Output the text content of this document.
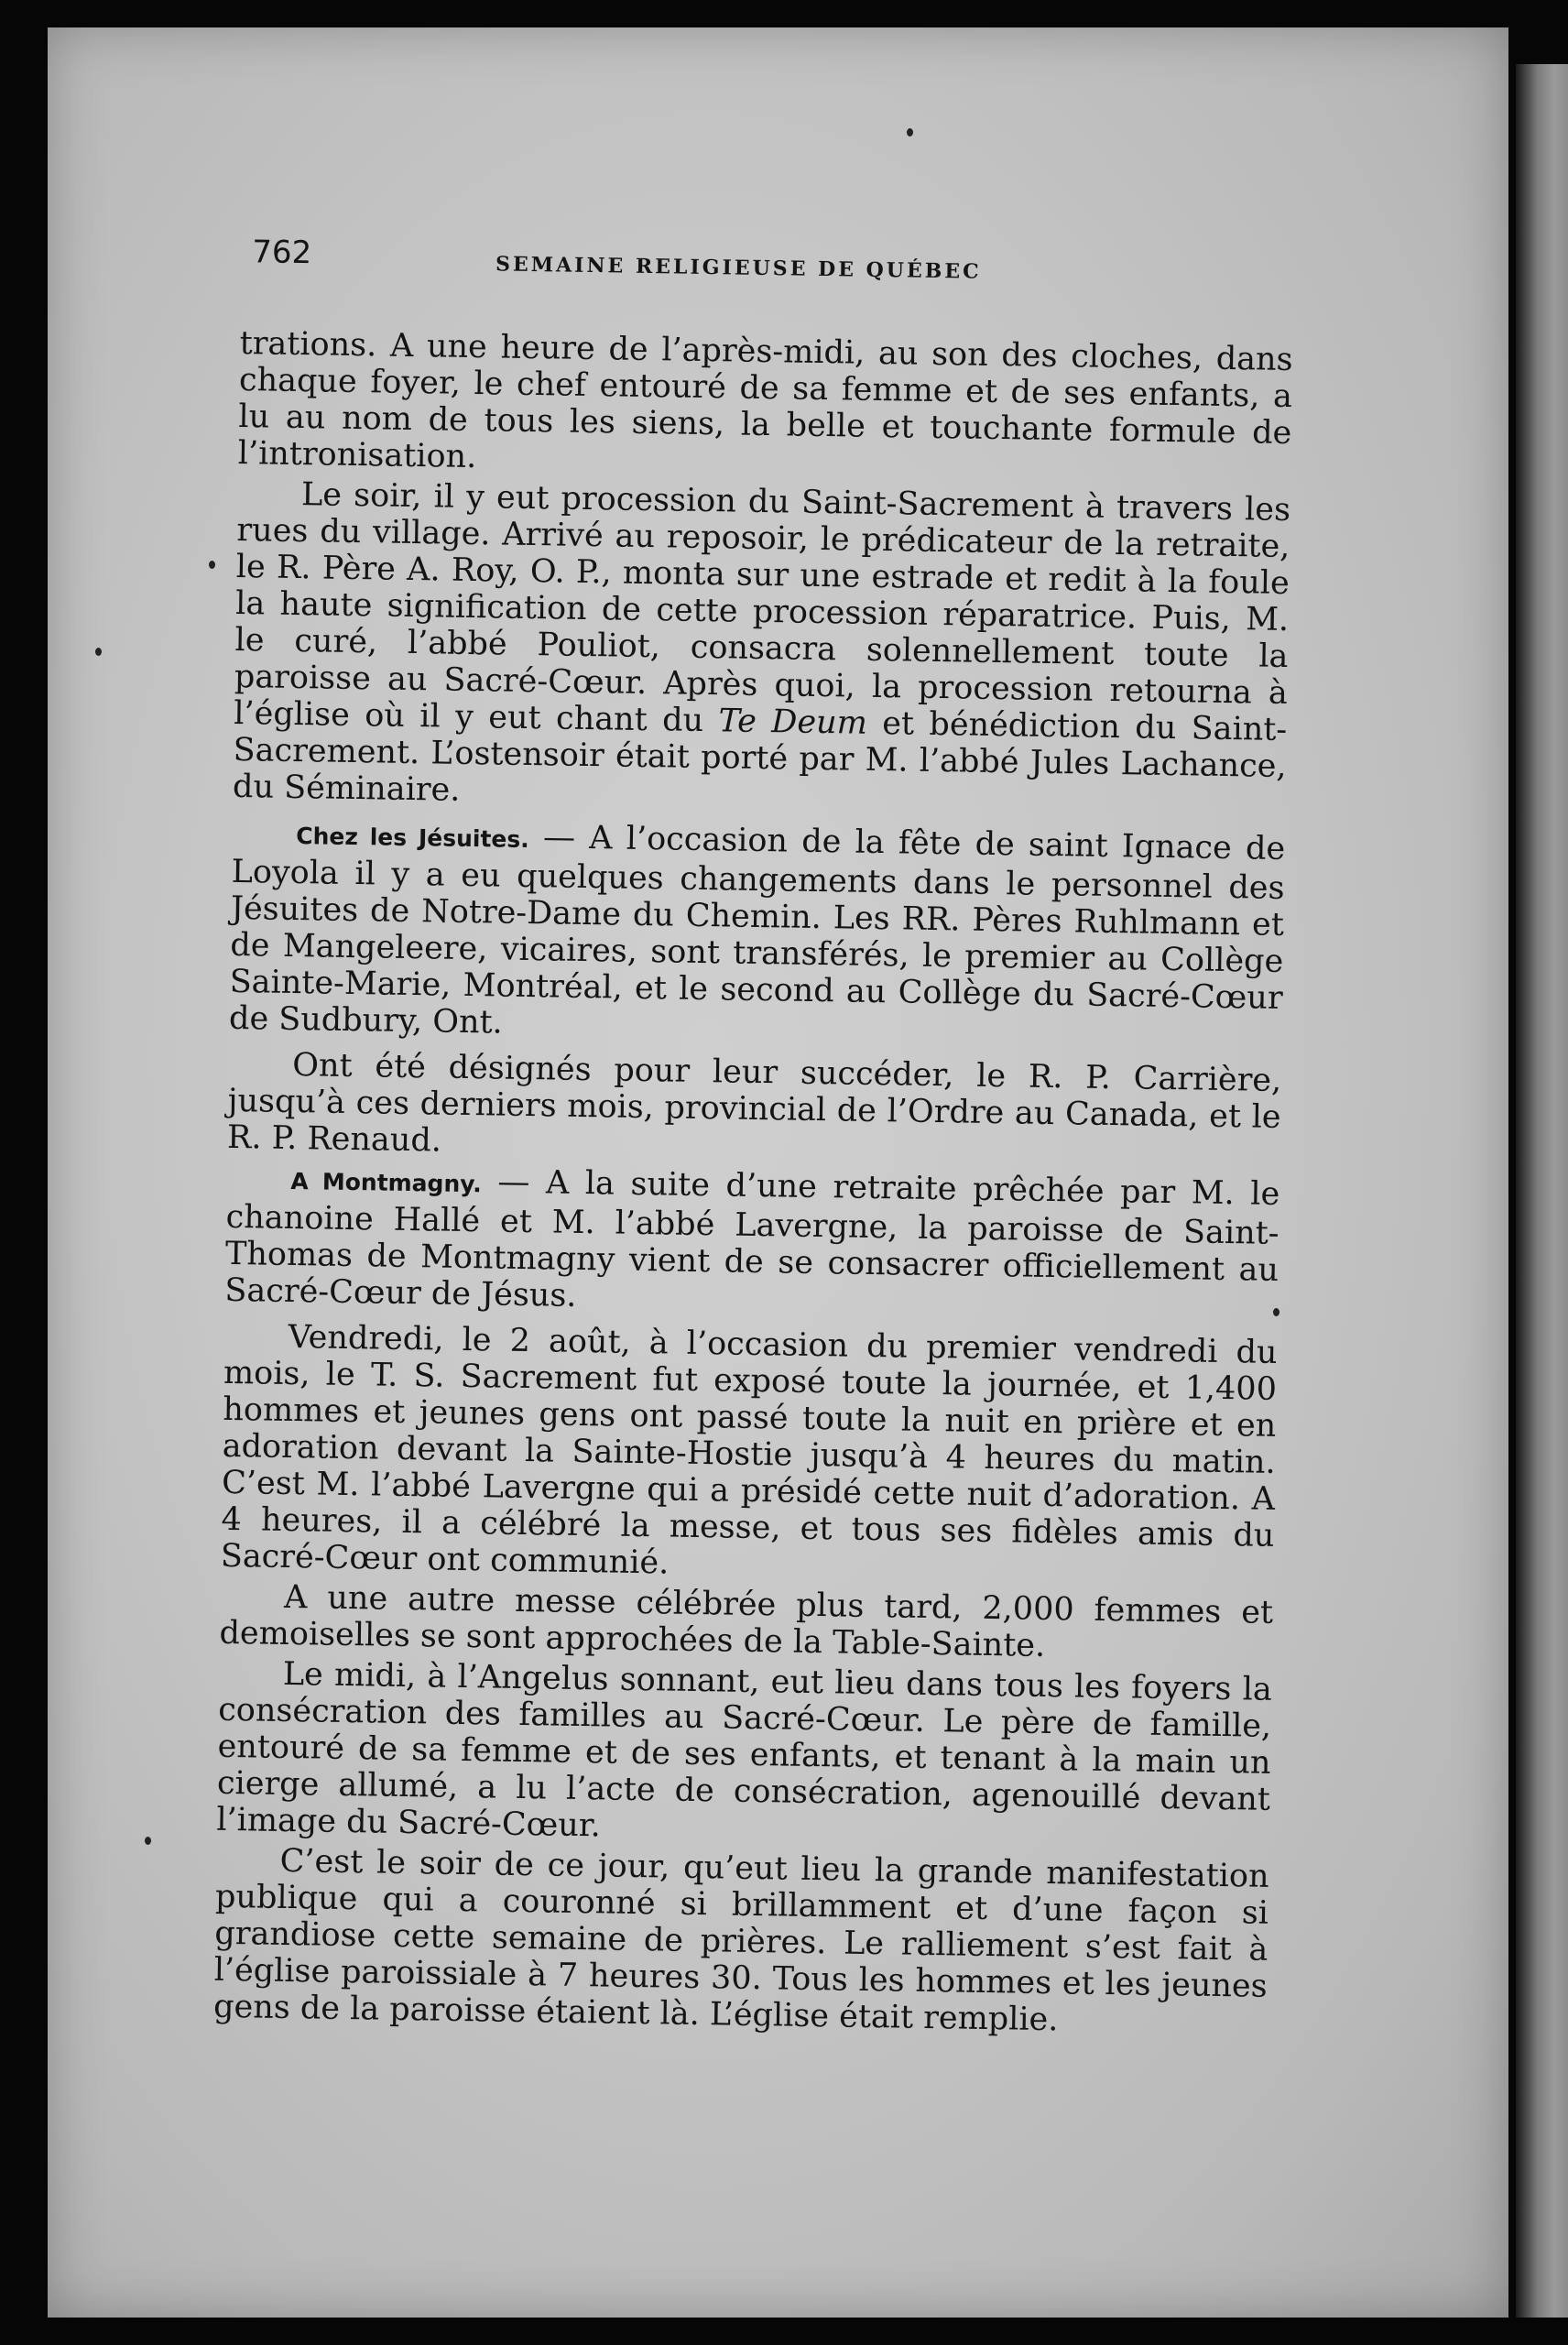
762	SEMAINE RELIGIEUSE DE QUÉBEC

trations. A une heure de l’après-midi, au son des cloches, dans chaque foyer, le chef entouré de sa femme et de ses enfants, a lu au nom de tous les siens, la belle et touchante formule de l’intronisation.

Le soir, il y eut procession du Saint-Sacrement à travers les rues du village. Arrivé au reposoir, le prédicateur de la retraite, le R. Père A. Roy, O. P., monta sur une estrade et redit à la foule la haute signification de cette procession réparatrice. Puis, M. le curé, l’abbé Pouliot, consacra solennellement toute la paroisse au Sacré-Cœur. Après quoi, la procession retourna à l’église où il y eut chant du Te Deum et bénédiction du Saint-Sacrement. L’ostensoir était porté par M. l’abbé Jules Lachance, du Séminaire.

Chez les Jésuites. — A l’occasion de la fête de saint Ignace de Loyola il y a eu quelques changements dans le personnel des Jésuites de Notre-Dame du Chemin. Les RR. Pères Ruhlmann et de Mangeleere, vicaires, sont transférés, le premier au Collège Sainte-Marie, Montréal, et le second au Collège du Sacré-Cœur de Sudbury, Ont.

Ont été désignés pour leur succéder, le R. P. Carrière, jusqu’à ces derniers mois, provincial de l’Ordre au Canada, et le R. P. Renaud.

A Montmagny. — A la suite d’une retraite prêchée par M. le chanoine Hallé et M. l’abbé Lavergne, la paroisse de Saint-Thomas de Montmagny vient de se consacrer officiellement au Sacré-Cœur de Jésus.

Vendredi, le 2 août, à l’occasion du premier vendredi du mois, le T. S. Sacrement fut exposé toute la journée, et 1,400 hommes et jeunes gens ont passé toute la nuit en prière et en adoration devant la Sainte-Hostie jusqu’à 4 heures du matin. C’est M. l’abbé Lavergne qui a présidé cette nuit d’adoration. A 4 heures, il a célébré la messe, et tous ses fidèles amis du Sacré-Cœur ont communié.

A une autre messe célébrée plus tard, 2,000 femmes et demoiselles se sont approchées de la Table-Sainte.

Le midi, à l’Angelus sonnant, eut lieu dans tous les foyers la consécration des familles au Sacré-Cœur. Le père de famille, entouré de sa femme et de ses enfants, et tenant à la main un cierge allumé, a lu l’acte de consécration, agenouillé devant l’image du Sacré-Cœur.

C’est le soir de ce jour, qu’eut lieu la grande manifestation publique qui a couronné si brillamment et d’une façon si grandiose cette semaine de prières. Le ralliement s’est fait à l’église paroissiale à 7 heures 30. Tous les hommes et les jeunes gens de la paroisse étaient là. L’église était remplie.
